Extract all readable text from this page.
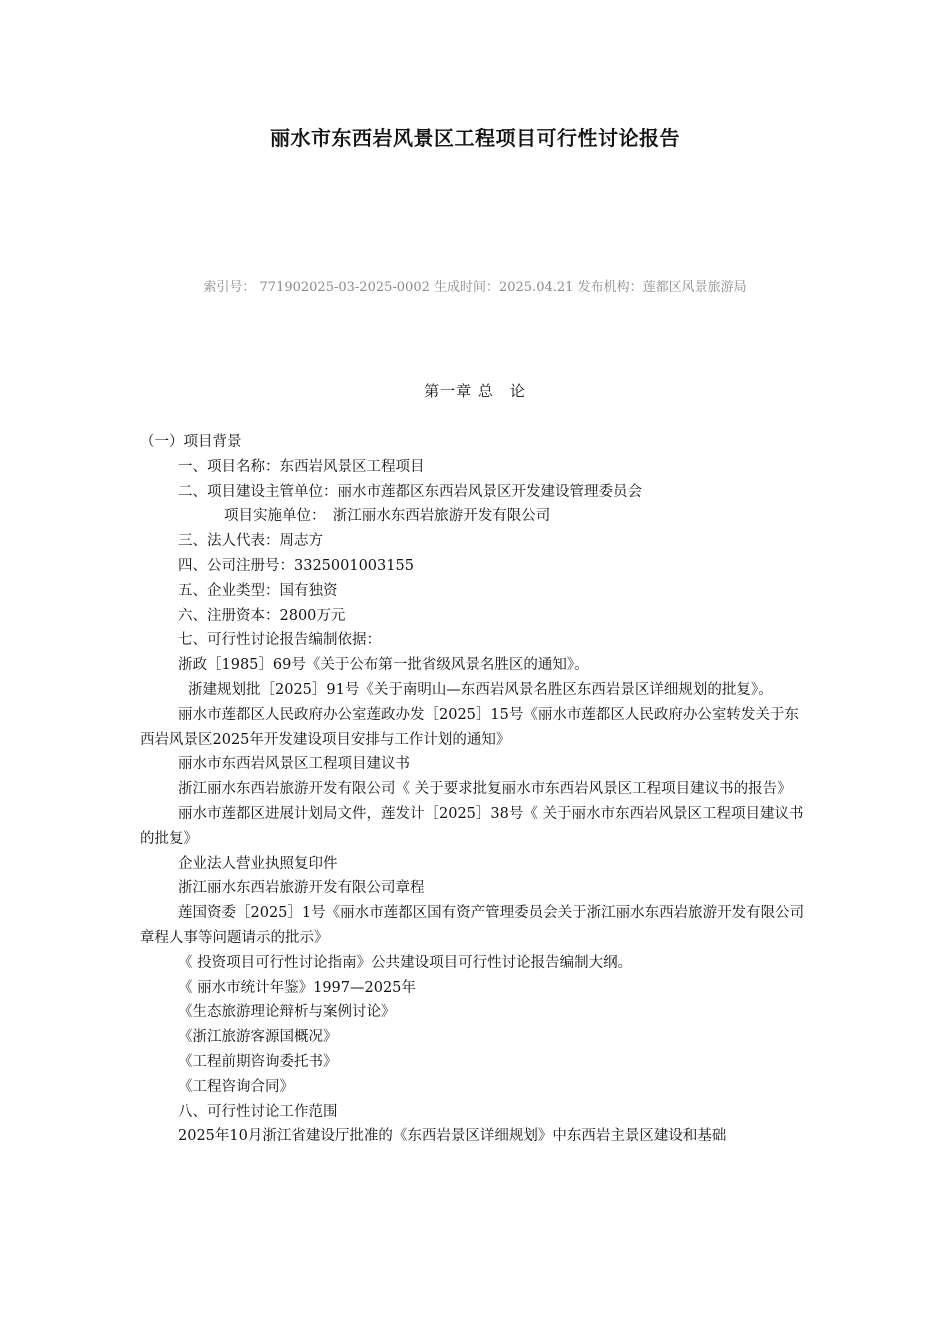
丽水市东西岩风景区工程项目可行性讨论报告
索引号： 771902025-03-2025-0002 生成时间：2025.04.21 发布机构：莲都区风景旅游局
第一章 总　论

（一）项目背景

一、项目名称：东西岩风景区工程项目

二、项目建设主管单位：丽水市莲都区东西岩风景区开发建设管理委员会

项目实施单位：　浙江丽水东西岩旅游开发有限公司

三、法人代表：周志方

四、公司注册号：3325001003155

五、企业类型：国有独资

六、注册资本：2800万元

七、可行性讨论报告编制依据：

浙政［1985］69号《关于公布第一批省级风景名胜区的通知》。

浙建规划批［2025］91号《关于南明山—东西岩风景名胜区东西岩景区详细规划的批复》。

丽水市莲都区人民政府办公室莲政办发［2025］15号《丽水市莲都区人民政府办公室转发关于东西岩风景区2025年开发建设项目安排与工作计划的通知》

丽水市东西岩风景区工程项目建议书

浙江丽水东西岩旅游开发有限公司《 关于要求批复丽水市东西岩风景区工程项目建议书的报告》

丽水市莲都区进展计划局文件，莲发计［2025］38号《 关于丽水市东西岩风景区工程项目建议书的批复》

企业法人营业执照复印件

浙江丽水东西岩旅游开发有限公司章程

莲国资委［2025］1号《丽水市莲都区国有资产管理委员会关于浙江丽水东西岩旅游开发有限公司章程人事等问题请示的批示》

《 投资项目可行性讨论指南》公共建设项目可行性讨论报告编制大纲。

《 丽水市统计年鉴》1997—2025年

《生态旅游理论辩析与案例讨论》

《浙江旅游客源国概况》

《工程前期咨询委托书》

《工程咨询合同》

八、可行性讨论工作范围

2025年10月浙江省建设厅批准的《东西岩景区详细规划》中东西岩主景区建设和基础
